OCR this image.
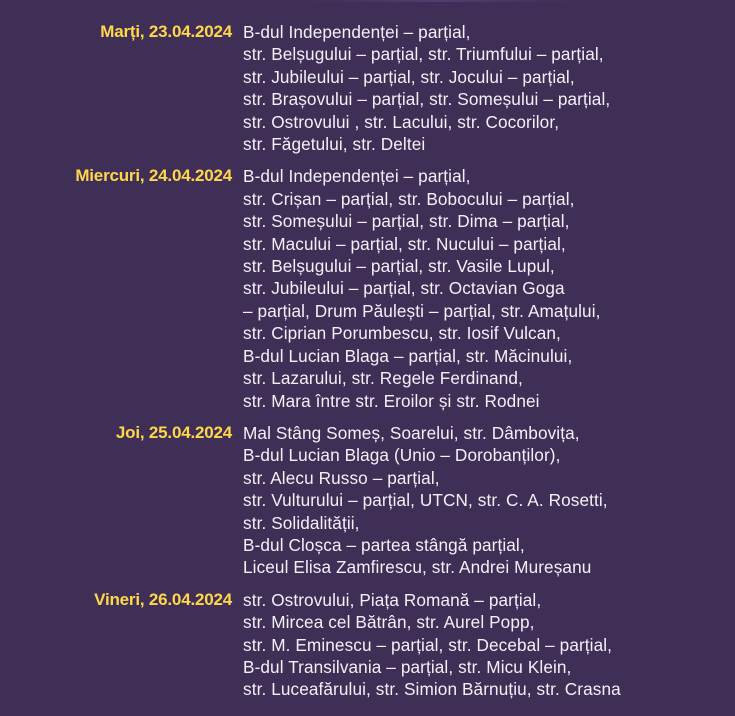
Marți, 23.04.2024 B-dul Independenței – parțial,
str. Belșugului – parțial, str. Triumfului – parțial,
str. Jubileului – parțial, str. Jocului – parțial,
str. Brașovului – parțial, str. Someșului – parțial,
str. Ostrovului , str. Lacului, str. Cocorilor,
str. Făgetului, str. Deltei
Miercuri, 24.04.2024 B-dul Independenței – parțial,
str. Crișan – parțial, str. Bobocului – parțial,
str. Someșului – parțial, str. Dima – parțial,
str. Macului – parțial, str. Nucului – parțial,
str. Belșugului – parțial, str. Vasile Lupul,
str. Jubileului – parțial, str. Octavian Goga
– parțial, Drum Păulești – parțial, str. Amațului,
str. Ciprian Porumbescu, str. Iosif Vulcan,
B-dul Lucian Blaga – parțial, str. Măcinului,
str. Lazarului, str. Regele Ferdinand,
str. Mara între str. Eroilor și str. Rodnei
Joi, 25.04.2024 Mal Stâng Someș, Soarelui, str. Dâmbovița,
B-dul Lucian Blaga (Unio – Dorobanților),
str. Alecu Russo – parțial,
str. Vulturului – parțial, UTCN, str. C. A. Rosetti,
str. Solidalității,
B-dul Cloșca – partea stângă parțial,
Liceul Elisa Zamfirescu, str. Andrei Mureșanu
Vineri, 26.04.2024 str. Ostrovului, Piața Romană – parțial,
str. Mircea cel Bătrân, str. Aurel Popp,
str. M. Eminescu – parțial, str. Decebal – parțial,
B-dul Transilvania – parțial, str. Micu Klein,
str. Luceafărului, str. Simion Bărnuțiu, str. Crasna
